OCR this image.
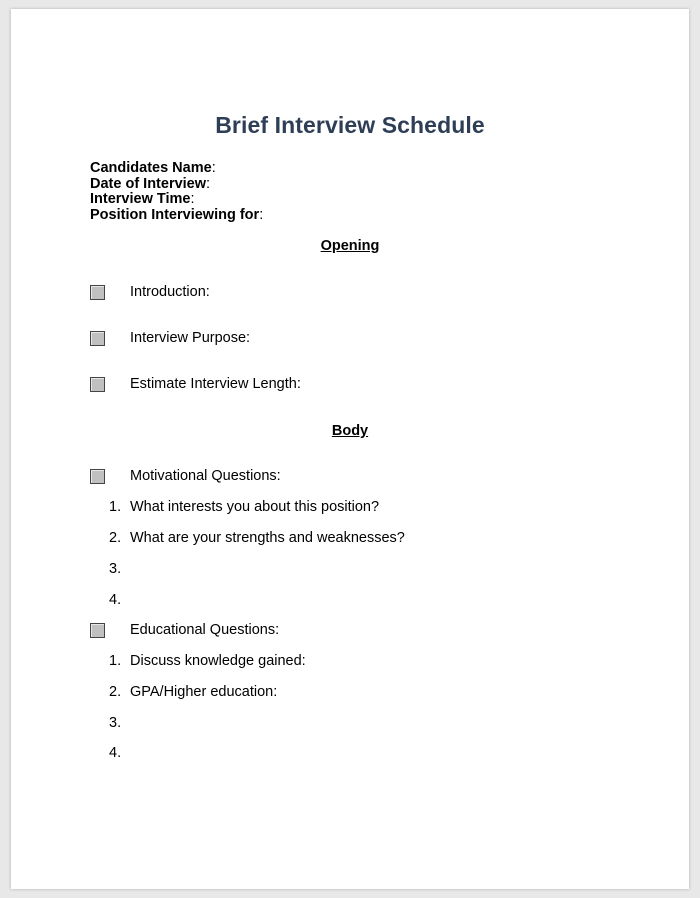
Brief Interview Schedule
Candidates Name:
Date of Interview:
Interview Time:
Position Interviewing for:
Opening
Introduction:
Interview Purpose:
Estimate Interview Length:
Body
Motivational Questions:
1. What interests you about this position?
2. What are your strengths and weaknesses?
3.
4.
Educational Questions:
1. Discuss knowledge gained:
2. GPA/Higher education:
3.
4.
